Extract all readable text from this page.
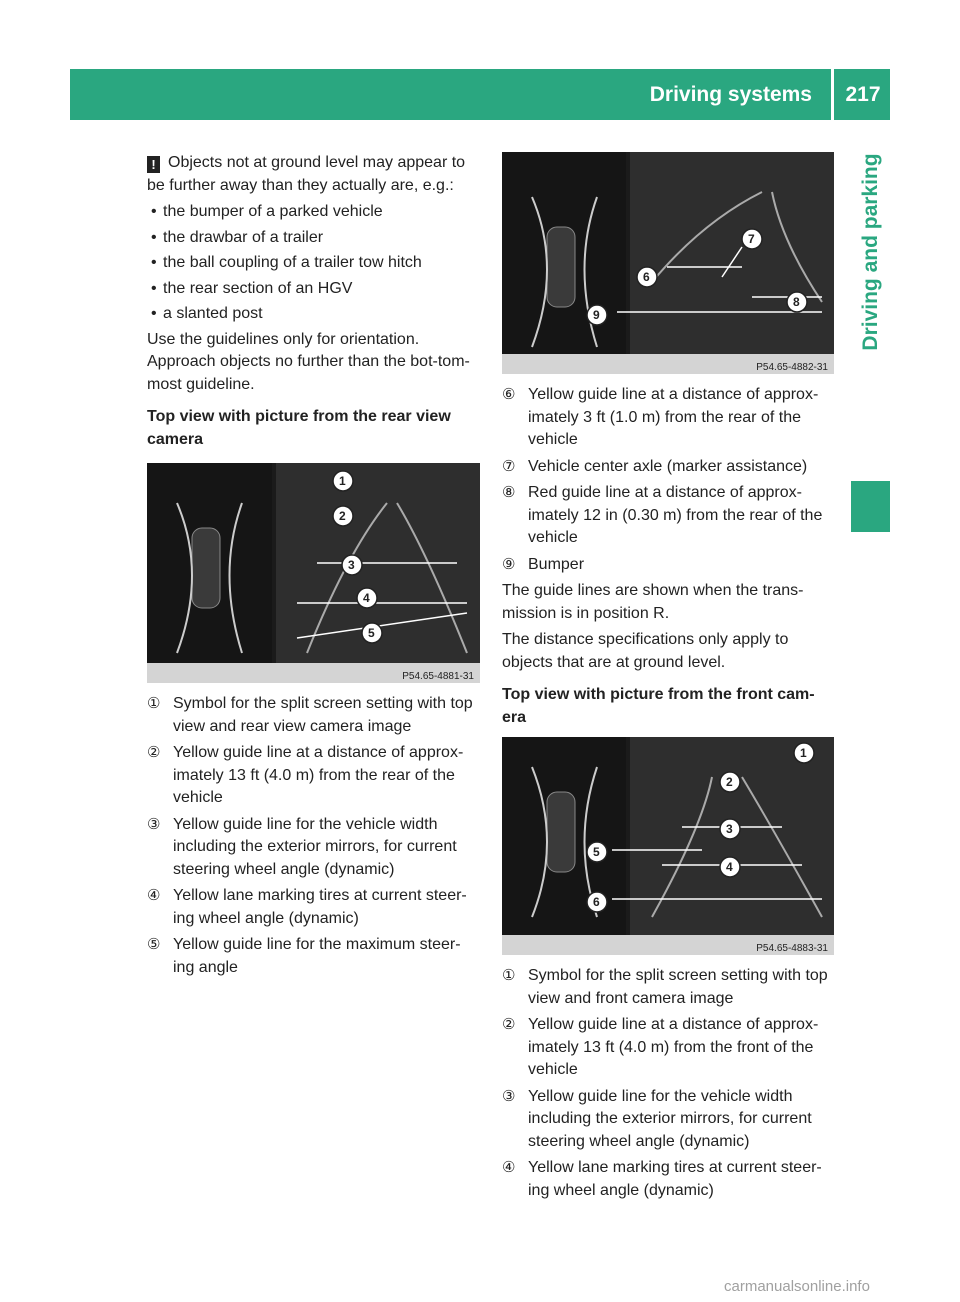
Driving systems	217
Driving and parking

! Objects not at ground level may appear to be further away than they actually are, e.g.:

• the bumper of a parked vehicle
• the drawbar of a trailer
• the ball coupling of a trailer tow hitch
• the rear section of an HGV
• a slanted post

Use the guidelines only for orientation. Approach objects no further than the bot-tom-most guideline.

Top view with picture from the rear view camera

1
2
3
4
5
P54.65-4881-31
① Symbol for the split screen setting with top view and rear view camera image
② Yellow guide line at a distance of approx-imately 13 ft (4.0 m) from the rear of the vehicle
③ Yellow guide line for the vehicle width including the exterior mirrors, for current steering wheel angle (dynamic)
④ Yellow lane marking tires at current steer-ing wheel angle (dynamic)
⑤ Yellow guide line for the maximum steer-ing angle
6
7
8
9
P54.65-4882-31
⑥ Yellow guide line at a distance of approx-imately 3 ft (1.0 m) from the rear of the vehicle
⑦ Vehicle center axle (marker assistance)
⑧ Red guide line at a distance of approx-imately 12 in (0.30 m) from the rear of the vehicle
⑨ Bumper

The guide lines are shown when the trans-mission is in position R.

The distance specifications only apply to objects that are at ground level.

Top view with picture from the front cam-era

1
2
3
4
5
6
P54.65-4883-31
① Symbol for the split screen setting with top view and front camera image
② Yellow guide line at a distance of approx-imately 13 ft (4.0 m) from the front of the vehicle
③ Yellow guide line for the vehicle width including the exterior mirrors, for current steering wheel angle (dynamic)
④ Yellow lane marking tires at current steer-ing wheel angle (dynamic)
carmanualsonline.info
